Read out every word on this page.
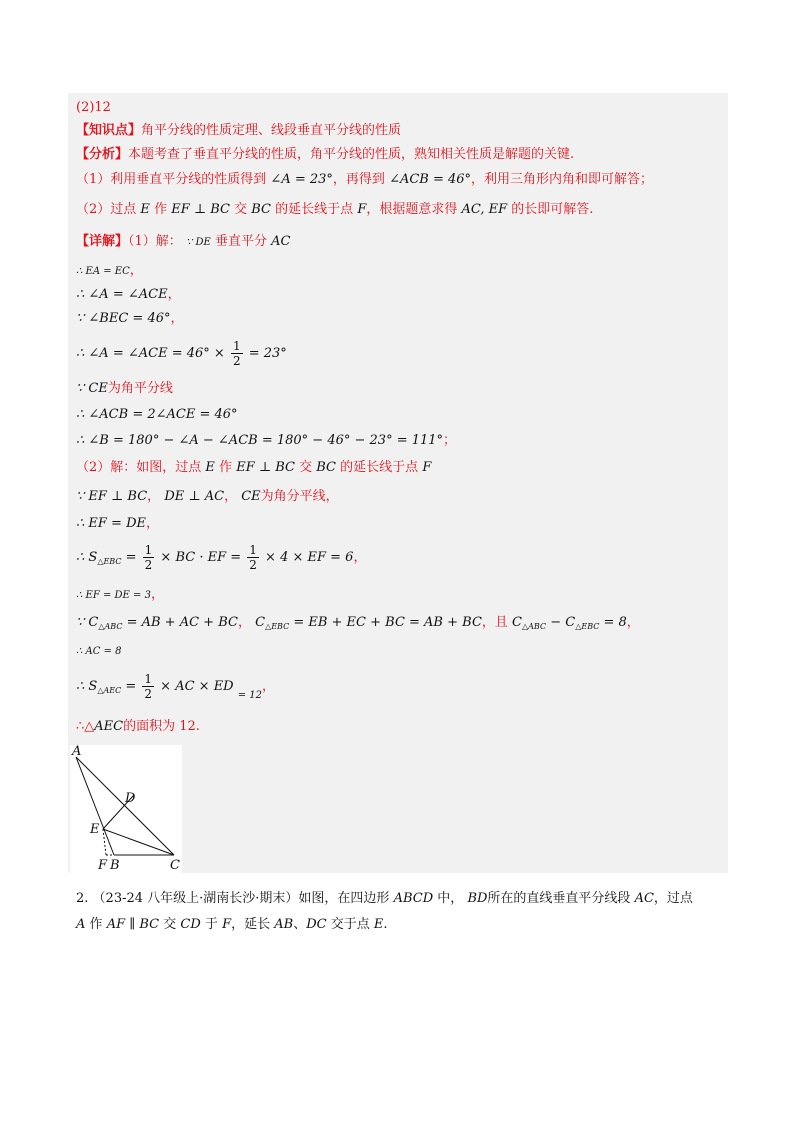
(2)12
【知识点】角平分线的性质定理、线段垂直平分线的性质
【分析】本题考查了垂直平分线的性质，角平分线的性质，熟知相关性质是解题的关键.
（1）利用垂直平分线的性质得到 ∠A = 23°，再得到 ∠ACB = 46°，利用三角形内角和即可解答；
（2）过点 E 作 EF ⊥ BC 交 BC 的延长线于点 F，根据题意求得 AC, EF 的长即可解答.
【详解】（1）解： ∵ DE 垂直平分 AC
∴ EA = EC，
∴ ∠A = ∠ACE，
∵ ∠BEC = 46°，
∴ ∠A = ∠ACE = $46^\circ \times \frac{1}{2} = 23^\circ$
∵ CE为角平分线
∴ ∠ACB = 2∠ACE = 46°
∴ ∠B = 180° − ∠A − ∠ACB = 180° − 46° − 23° = 111°；
（2）解：如图，过点 E 作 EF ⊥ BC 交 BC 的延长线于点 F
∵ EF ⊥ BC， DE ⊥ AC， CE为角分平线，
∴ EF = DE，
∴ $S_{\triangle EBC} = \frac{1}{2}$ × BC · EF = $\frac{1}{2} \times 4$ × EF = 6，
∴ EF = DE = 3，
∵ $C_{\triangle ABC}$ = AB + AC + BC， $C_{\triangle EBC}$ = EB + EC + BC = AB + BC，且 $C_{\triangle ABC} - C_{\triangle EBC} = 8$，
∴ AC = 8
∴ $S_{\triangle AEC} = \frac{1}{2}$ × AC × ED $_{= 12}$，
∴△AEC的面积为 12.
A
D
E
F B	C
2. （23-24 八年级上·湖南长沙·期末）如图，在四边形 ABCD 中， BD所在的直线垂直平分线段 AC，过点
A 作 AF ∥ BC 交 CD 于 F，延长 AB、DC 交于点 E.
